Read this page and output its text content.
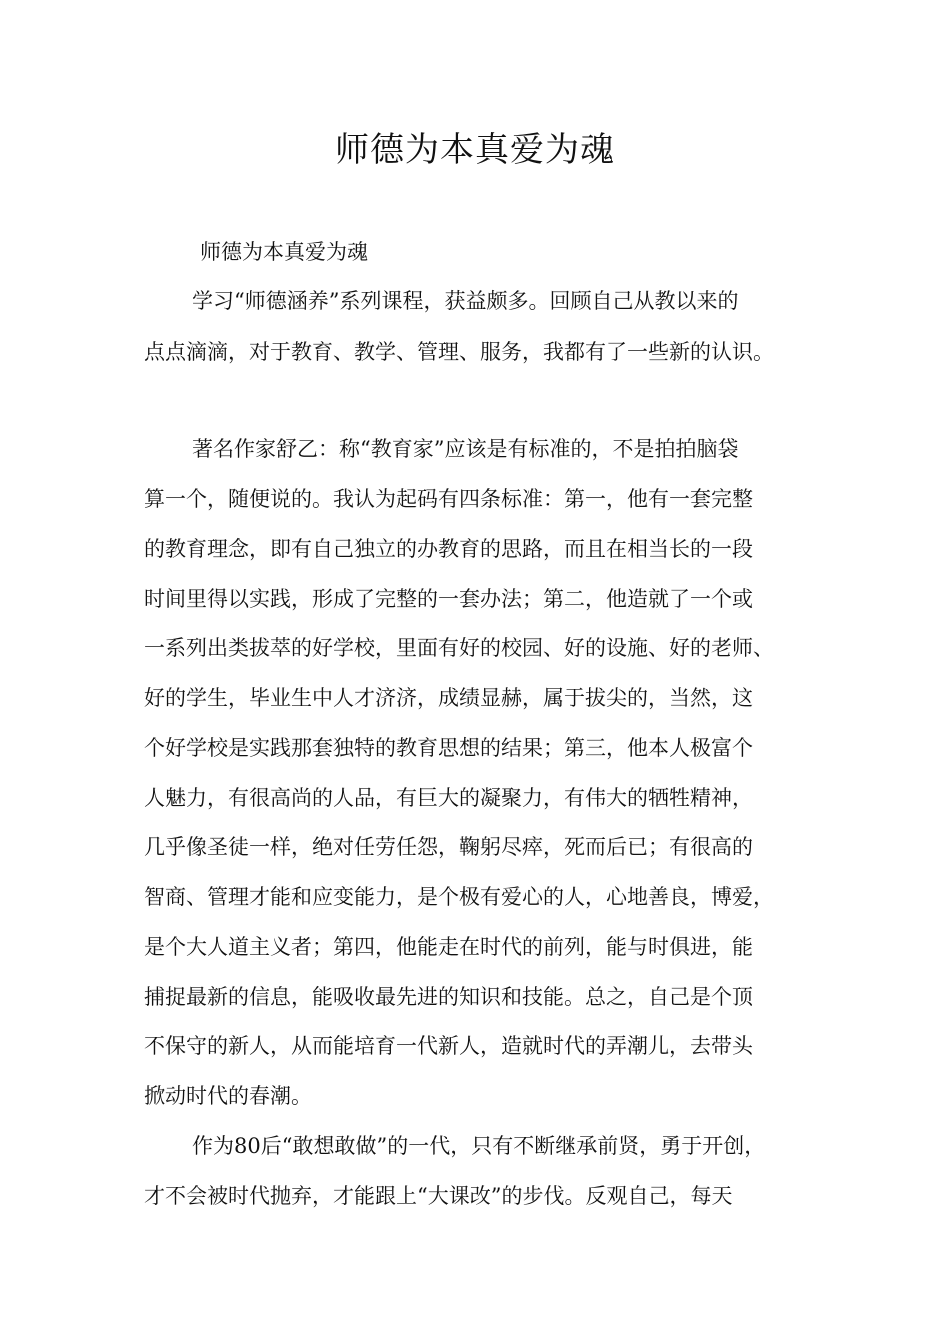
师德为本真爱为魂
师德为本真爱为魂
学习“师德涵养”系列课程，获益颇多。回顾自己从教以来的
点点滴滴，对于教育、教学、管理、服务，我都有了一些新的认识。
著名作家舒乙：称“教育家”应该是有标准的，不是拍拍脑袋
算一个，随便说的。我认为起码有四条标准：第一，他有一套完整
的教育理念，即有自己独立的办教育的思路，而且在相当长的一段
时间里得以实践，形成了完整的一套办法；第二，他造就了一个或
一系列出类拔萃的好学校，里面有好的校园、好的设施、好的老师、
好的学生，毕业生中人才济济，成绩显赫，属于拔尖的，当然，这
个好学校是实践那套独特的教育思想的结果；第三，他本人极富个
人魅力，有很高尚的人品，有巨大的凝聚力，有伟大的牺牲精神，
几乎像圣徒一样，绝对任劳任怨，鞠躬尽瘁，死而后已；有很高的
智商、管理才能和应变能力，是个极有爱心的人，心地善良，博爱，
是个大人道主义者；第四，他能走在时代的前列，能与时俱进，能
捕捉最新的信息，能吸收最先进的知识和技能。总之，自己是个顶
不保守的新人，从而能培育一代新人，造就时代的弄潮儿，去带头
掀动时代的春潮。
作为80后“敢想敢做”的一代，只有不断继承前贤，勇于开创，
才不会被时代抛弃，才能跟上“大课改”的步伐。反观自己，每天
